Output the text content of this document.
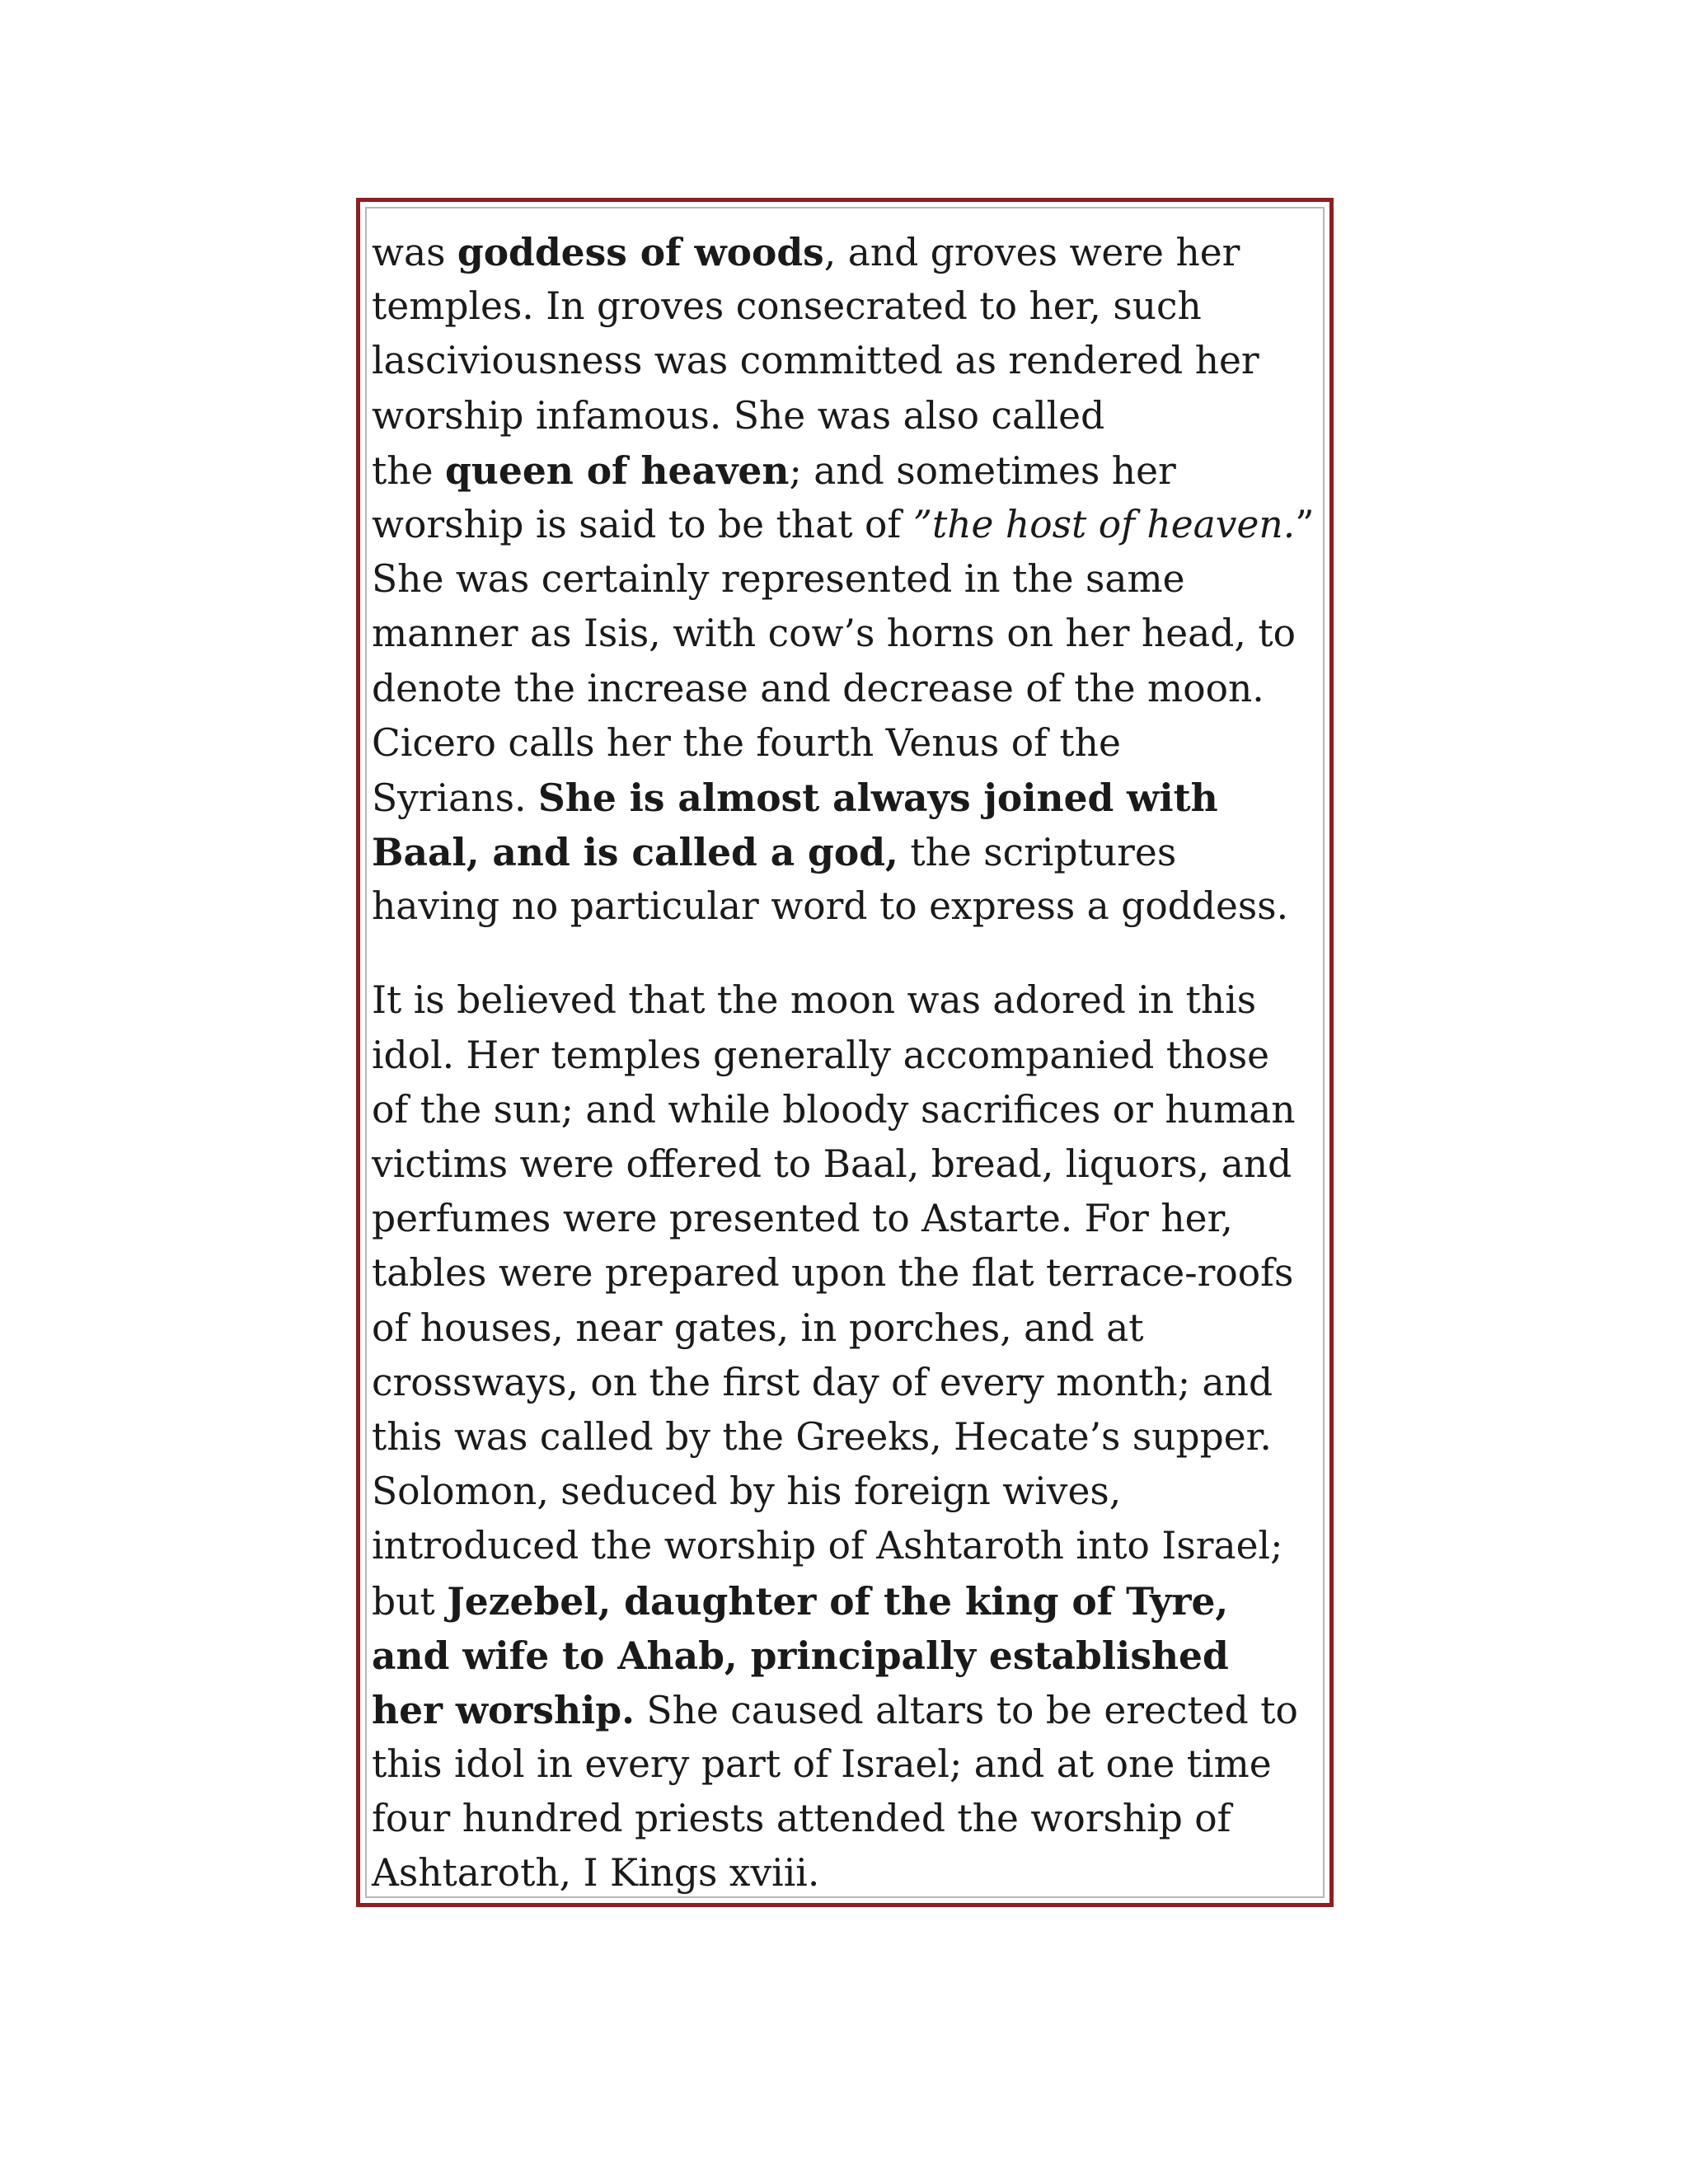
was goddess of woods, and groves were her
temples. In groves consecrated to her, such
lasciviousness was committed as rendered her
worship infamous. She was also called
the queen of heaven; and sometimes her
worship is said to be that of ”the host of heaven.”
She was certainly represented in the same
manner as Isis, with cow’s horns on her head, to
denote the increase and decrease of the moon.
Cicero calls her the fourth Venus of the
Syrians. She is almost always joined with
Baal, and is called a god, the scriptures
having no particular word to express a goddess.
It is believed that the moon was adored in this
idol. Her temples generally accompanied those
of the sun; and while bloody sacrifices or human
victims were offered to Baal, bread, liquors, and
perfumes were presented to Astarte. For her,
tables were prepared upon the flat terrace-roofs
of houses, near gates, in porches, and at
crossways, on the first day of every month; and
this was called by the Greeks, Hecate’s supper.
Solomon, seduced by his foreign wives,
introduced the worship of Ashtaroth into Israel;
but Jezebel, daughter of the king of Tyre,
and wife to Ahab, principally established
her worship. She caused altars to be erected to
this idol in every part of Israel; and at one time
four hundred priests attended the worship of
Ashtaroth, I Kings xviii.
